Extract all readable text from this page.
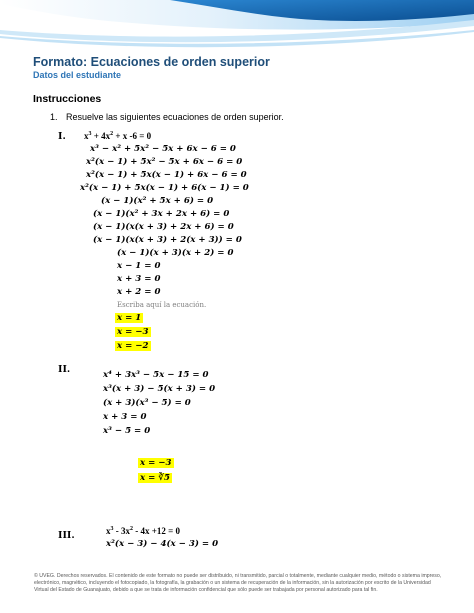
Formato: Ecuaciones de orden superior
Datos del estudiante
Instrucciones
1. Resuelve las siguientes ecuaciones de orden superior.
I. $x^3 + 4x^2 + x$ -6 = 0
x³ − x² + 5x² − 5x + 6x − 6 = 0
x²(x − 1) + 5x² − 5x + 6x − 6 = 0
x²(x − 1) + 5x(x − 1) + 6x − 6 = 0
x²(x − 1) + 5x(x − 1) + 6(x − 1) = 0
(x − 1)(x² + 5x + 6) = 0
(x − 1)(x² + 3x + 2x + 6) = 0
(x − 1)(x(x + 3) + 2x + 6) = 0
(x − 1)(x(x + 3) + 2(x + 3)) = 0
(x − 1)(x + 3)(x + 2) = 0
x − 1 = 0
x + 3 = 0
x + 2 = 0
Escriba aquí la ecuación.
x = 1
x = −3
x = −2
II.	x⁴ + 3x³ − 5x − 15 = 0
x³(x + 3) − 5(x + 3) = 0
(x + 3)(x³ − 5) = 0
x + 3 = 0
x³ − 5 = 0
x = −3
x = ∛5
III.	$x^3 - 3x^2 - 4x +12 = 0$
x²(x − 3) − 4(x − 3) = 0
© UVEG. Derechos reservados. El contenido de este formato no puede ser distribuido, ni transmitido, parcial o totalmente, mediante cualquier medio, método o sistema impreso, electrónico, magnético, incluyendo el fotocopiado, la fotografía, la grabación o un sistema de recuperación de la información, sin la autorización por escrito de la Universidad Virtual del Estado de Guanajuato, debido a que se trata de información confidencial que sólo puede ser trabajada por personal autorizado para tal fin.
